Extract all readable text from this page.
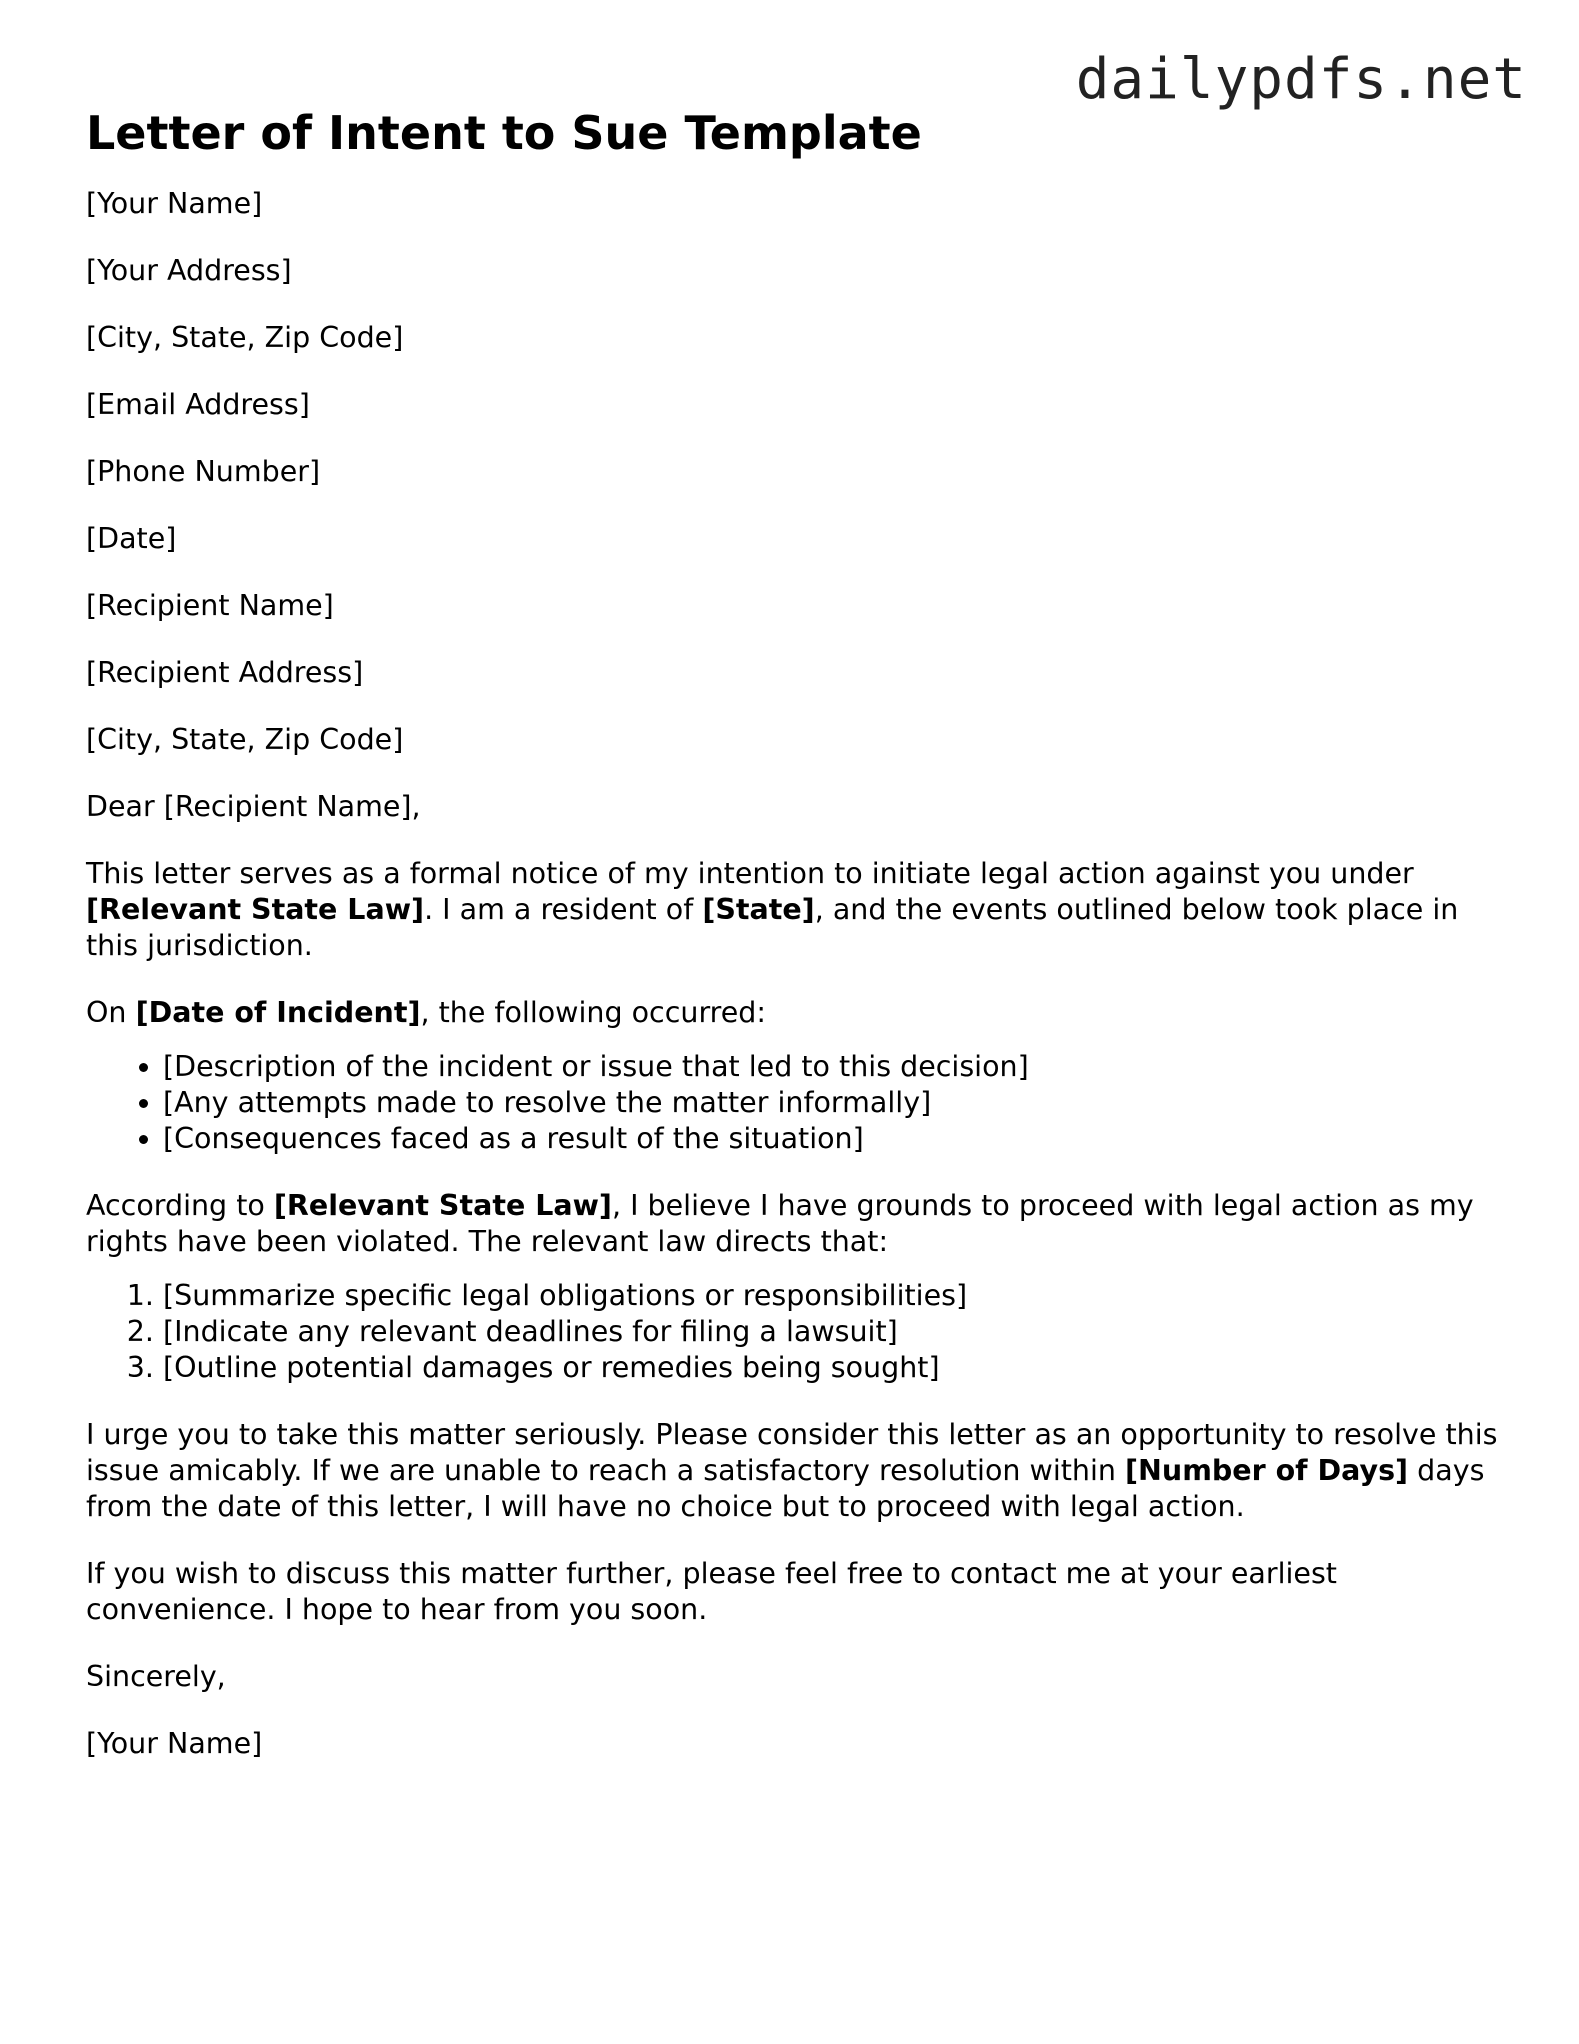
dailypdfs.net
Letter of Intent to Sue Template
[Your Name]
[Your Address]
[City, State, Zip Code]
[Email Address]
[Phone Number]
[Date]
[Recipient Name]
[Recipient Address]
[City, State, Zip Code]
Dear [Recipient Name],
This letter serves as a formal notice of my intention to initiate legal action against you under [Relevant State Law]. I am a resident of [State], and the events outlined below took place in this jurisdiction.
On [Date of Incident], the following occurred:
• [Description of the incident or issue that led to this decision]
• [Any attempts made to resolve the matter informally]
• [Consequences faced as a result of the situation]
According to [Relevant State Law], I believe I have grounds to proceed with legal action as my rights have been violated. The relevant law directs that:
1. [Summarize specific legal obligations or responsibilities]
2. [Indicate any relevant deadlines for filing a lawsuit]
3. [Outline potential damages or remedies being sought]
I urge you to take this matter seriously. Please consider this letter as an opportunity to resolve this issue amicably. If we are unable to reach a satisfactory resolution within [Number of Days] days from the date of this letter, I will have no choice but to proceed with legal action.
If you wish to discuss this matter further, please feel free to contact me at your earliest convenience. I hope to hear from you soon.
Sincerely,
[Your Name]
